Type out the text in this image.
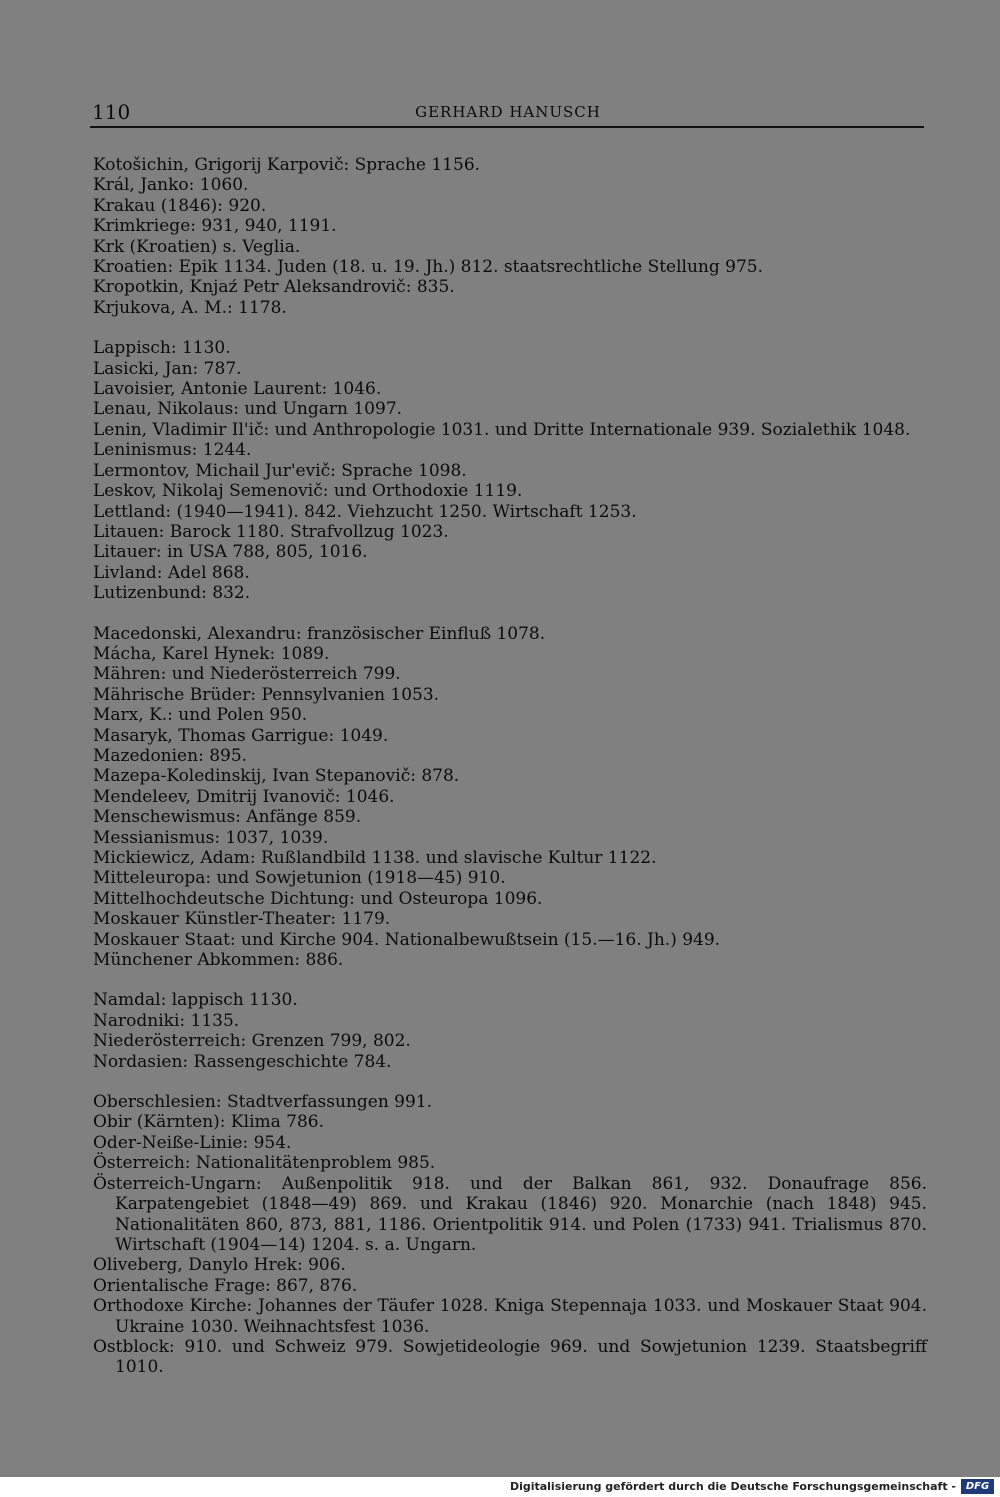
110	GERHARD HANUSCH

Kotošichin, Grigorij Karpovič: Sprache 1156.

Král, Janko: 1060.

Krakau (1846): 920.

Krimkriege: 931, 940, 1191.

Krk (Kroatien) s. Veglia.

Kroatien: Epik 1134. Juden (18. u. 19. Jh.) 812. staatsrechtliche Stellung 975.

Kropotkin, Knjaź Petr Aleksandrovič: 835.

Krjukova, A. M.: 1178.

Lappisch: 1130.

Lasicki, Jan: 787.

Lavoisier, Antonie Laurent: 1046.

Lenau, Nikolaus: und Ungarn 1097.

Lenin, Vladimir Il'ič: und Anthropologie 1031. und Dritte Internationale 939. Sozialethik 1048.

Leninismus: 1244.

Lermontov, Michail Jur'evič: Sprache 1098.

Leskov, Nikolaj Semenovič: und Orthodoxie 1119.

Lettland: (1940—1941). 842. Viehzucht 1250. Wirtschaft 1253.

Litauen: Barock 1180. Strafvollzug 1023.

Litauer: in USA 788, 805, 1016.

Livland: Adel 868.

Lutizenbund: 832.

Macedonski, Alexandru: französischer Einfluß 1078.

Mácha, Karel Hynek: 1089.

Mähren: und Niederösterreich 799.

Mährische Brüder: Pennsylvanien 1053.

Marx, K.: und Polen 950.

Masaryk, Thomas Garrigue: 1049.

Mazedonien: 895.

Mazepa-Koledinskij, Ivan Stepanovič: 878.

Mendeleev, Dmitrij Ivanovič: 1046.

Menschewismus: Anfänge 859.

Messianismus: 1037, 1039.

Mickiewicz, Adam: Rußlandbild 1138. und slavische Kultur 1122.

Mitteleuropa: und Sowjetunion (1918—45) 910.

Mittelhochdeutsche Dichtung: und Osteuropa 1096.

Moskauer Künstler-Theater: 1179.

Moskauer Staat: und Kirche 904. Nationalbewußtsein (15.—16. Jh.) 949.

Münchener Abkommen: 886.

Namdal: lappisch 1130.

Narodniki: 1135.

Niederösterreich: Grenzen 799, 802.

Nordasien: Rassengeschichte 784.

Oberschlesien: Stadtverfassungen 991.

Obir (Kärnten): Klima 786.

Oder-Neiße-Linie: 954.

Österreich: Nationalitätenproblem 985.

Österreich-Ungarn: Außenpolitik 918. und der Balkan 861, 932. Donaufrage 856. Karpatengebiet (1848—49) 869. und Krakau (1846) 920. Monarchie (nach 1848) 945. Nationalitäten 860, 873, 881, 1186. Orientpolitik 914. und Polen (1733) 941. Trialismus 870. Wirtschaft (1904—14) 1204. s. a. Ungarn.

Oliveberg, Danylo Hrek: 906.

Orientalische Frage: 867, 876.

Orthodoxe Kirche: Johannes der Täufer 1028. Kniga Stepennaja 1033. und Moskauer Staat 904. Ukraine 1030. Weihnachtsfest 1036.

Ostblock: 910. und Schweiz 979. Sowjetideologie 969. und Sowjetunion 1239. Staatsbegriff 1010.

Digitalisierung gefördert durch die Deutsche Forschungsgemeinschaft - DFG
